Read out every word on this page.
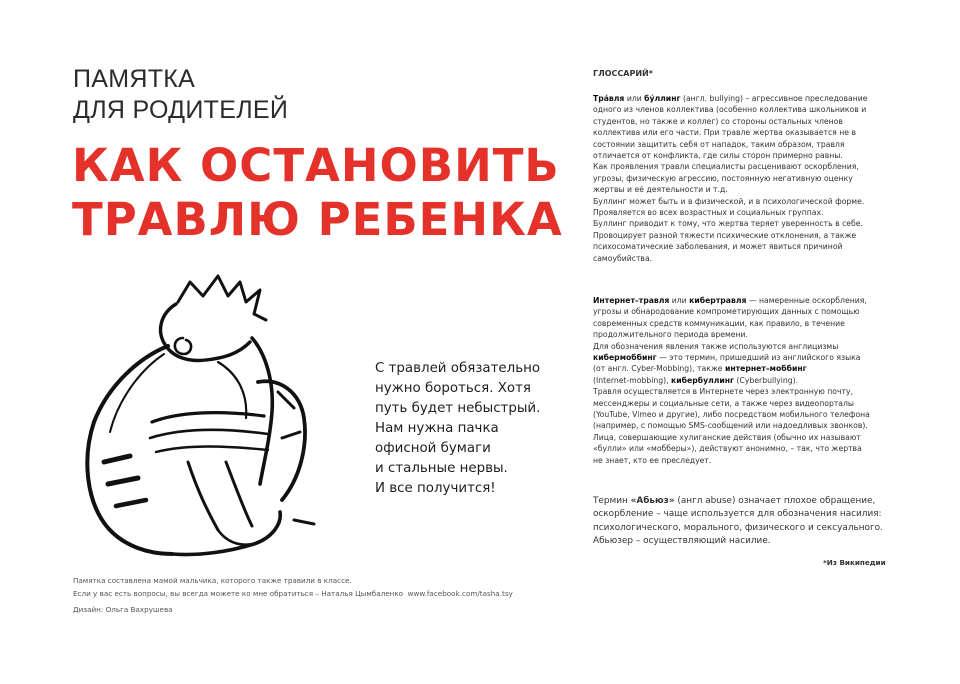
ПАМЯТКА
ДЛЯ РОДИТЕЛЕЙ
КАК ОСТАНОВИТЬ
ТРАВЛЮ РЕБЕНКА
С травлей обязательно
нужно бороться. Хотя
путь будет небыстрый.
Нам нужна пачка
офисной бумаги
и стальные нервы.
И все получится!
Памятка составлена мамой мальчика, которого также травили в классе.
Если у вас есть вопросы, вы всегда можете ко мне обратиться – Наталья Цымбаленко www.facebook.com/tasha.tsy
Дизайн: Ольга Вахрушева
ГЛОССАРИЙ*
Тра́вля или бу́ллинг (англ. bullying) – агрессивное преследование
одного из членов коллектива (особенно коллектива школьников и
студентов, но также и коллег) со стороны остальных членов
коллектива или его части. При травле жертва оказывается не в
состоянии защитить себя от нападок, таким образом, травля
отличается от конфликта, где силы сторон примерно равны.
Как проявления травли специалисты расценивают оскорбления,
угрозы, физическую агрессию, постоянную негативную оценку
жертвы и её деятельности и т.д.
Буллинг может быть и в физической, и в психологической форме.
Проявляется во всех возрастных и социальных группах.
Буллинг приводит к тому, что жертва теряет уверенность в себе.
Провоцирует разной тяжести психические отклонения, а также
психосоматические заболевания, и может явиться причиной
самоубийства.
Интернет–травля или кибертравля — намеренные оскорбления,
угрозы и обнародование компрометирующих данных с помощью
современных средств коммуникации, как правило, в течение
продолжительного периода времени.
Для обозначения явления также используются англицизмы
кибермоббинг — это термин, пришедший из английского языка
(от англ. Cyber-Mobbing), также интернет–моббинг
(Internet-mobbing), кибербуллинг (Cyberbullying).
Травля осуществляется в Интернете через электронную почту,
мессенджеры и социальные сети, а также через видеопорталы
(YouTube, Vimeo и другие), либо посредством мобильного телефона
(например, с помощью SMS-сообщений или надоедливых звонков).
Лица, совершающие хулиганские действия (обычно их называют
«булли» или «мобберы»), действуют анонимно, – так, что жертва
не знает, кто ее преследует.
Термин «Абьюз» (англ abuse) означает плохое обращение,
оскорбление – чаще используется для обозначения насилия:
психологического, морального, физического и сексуального.
Абьюзер – осуществляющий насилие.
*Из Википедии
